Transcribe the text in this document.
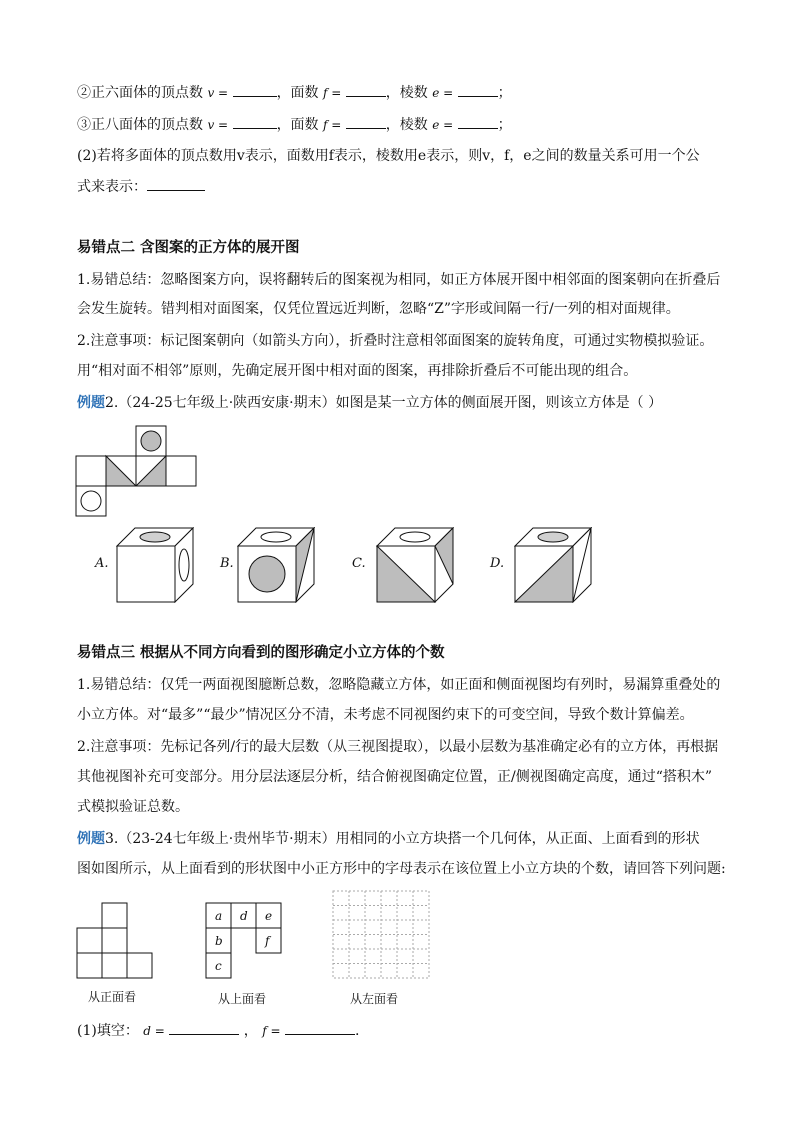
②正六面体的顶点数 v =	，面数 f =	，棱数 e =	；
③正八面体的顶点数 v =	，面数 f =	，棱数 e =	；
(2)若将多面体的顶点数用v表示，面数用f表示，棱数用e表示，则v，f，e之间的数量关系可用一个公
式来表示：
易错点二 含图案的正方体的展开图
1.易错总结：忽略图案方向，误将翻转后的图案视为相同，如正方体展开图中相邻面的图案朝向在折叠后
会发生旋转。错判相对面图案，仅凭位置远近判断，忽略“Z”字形或间隔一行/一列的相对面规律。
2.注意事项：标记图案朝向（如箭头方向），折叠时注意相邻面图案的旋转角度，可通过实物模拟验证。
用“相对面不相邻”原则，先确定展开图中相对面的图案，再排除折叠后不可能出现的组合。
例题2.（24-25七年级上·陕西安康·期末）如图是某一立方体的侧面展开图，则该立方体是（ ）
A.	B.	C.	D.
易错点三 根据从不同方向看到的图形确定小立方体的个数
1.易错总结：仅凭一两面视图臆断总数，忽略隐藏立方体，如正面和侧面视图均有列时，易漏算重叠处的
小立方体。对“最多”“最少”情况区分不清，未考虑不同视图约束下的可变空间，导致个数计算偏差。
2.注意事项：先标记各列/行的最大层数（从三视图提取），以最小层数为基准确定必有的立方体，再根据
其他视图补充可变部分。用分层法逐层分析，结合俯视图确定位置，正/侧视图确定高度，通过“搭积木”
式模拟验证总数。
例题3.（23-24七年级上·贵州毕节·期末）用相同的小立方块搭一个几何体，从正面、上面看到的形状
图如图所示，从上面看到的形状图中小正方形中的字母表示在该位置上小立方块的个数，请回答下列问题:
从正面看
a d e
b	f
c
从上面看	从左面看
(1)填空： d =	， f =	.
